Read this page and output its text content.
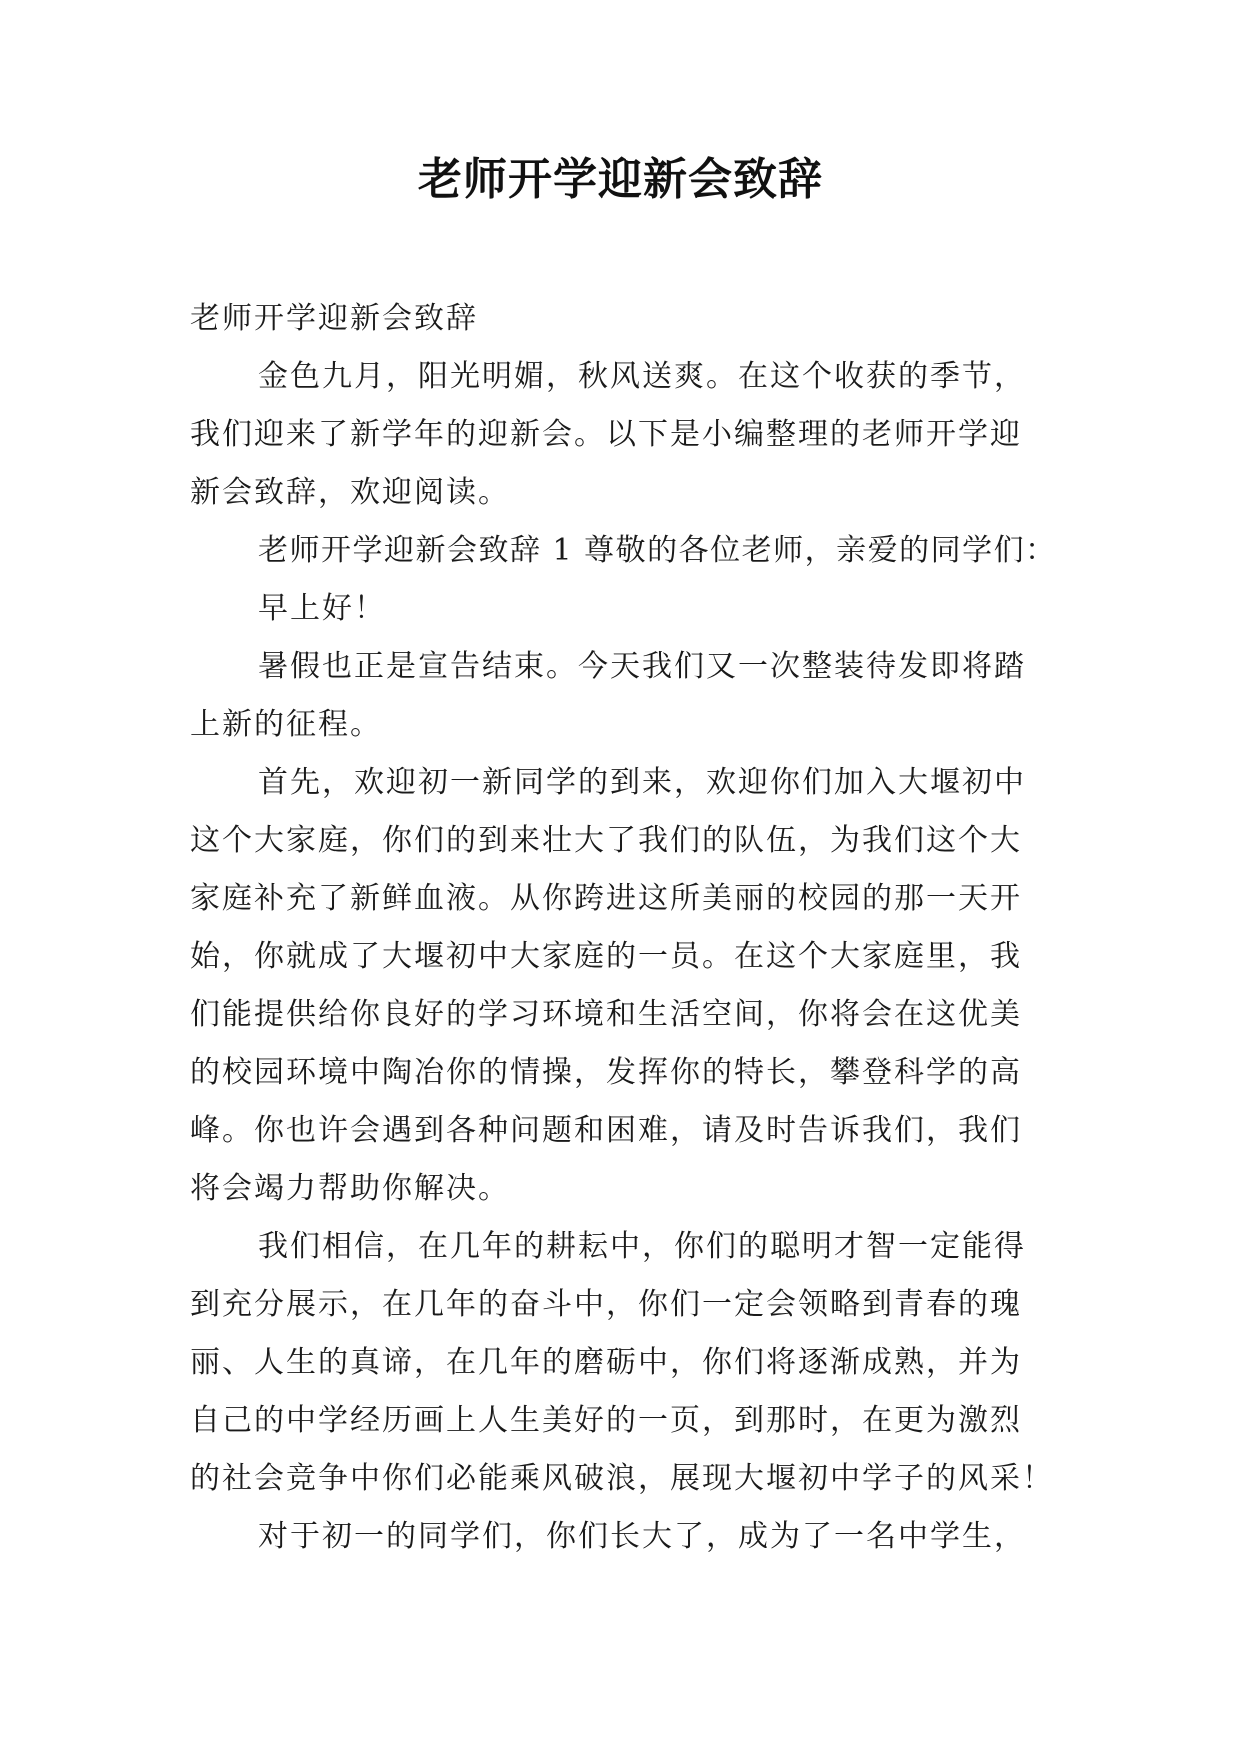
老师开学迎新会致辞
老师开学迎新会致辞
金色九月，阳光明媚，秋风送爽。在这个收获的季节，
我们迎来了新学年的迎新会。以下是小编整理的老师开学迎
新会致辞，欢迎阅读。
老师开学迎新会致辞 1 尊敬的各位老师，亲爱的同学们：
早上好！
暑假也正是宣告结束。今天我们又一次整装待发即将踏
上新的征程。
首先，欢迎初一新同学的到来，欢迎你们加入大堰初中
这个大家庭，你们的到来壮大了我们的队伍，为我们这个大
家庭补充了新鲜血液。从你跨进这所美丽的校园的那一天开
始，你就成了大堰初中大家庭的一员。在这个大家庭里，我
们能提供给你良好的学习环境和生活空间，你将会在这优美
的校园环境中陶冶你的情操，发挥你的特长，攀登科学的高
峰。你也许会遇到各种问题和困难，请及时告诉我们，我们
将会竭力帮助你解决。
我们相信，在几年的耕耘中，你们的聪明才智一定能得
到充分展示，在几年的奋斗中，你们一定会领略到青春的瑰
丽、人生的真谛，在几年的磨砺中，你们将逐渐成熟，并为
自己的中学经历画上人生美好的一页，到那时，在更为激烈
的社会竞争中你们必能乘风破浪，展现大堰初中学子的风采！
对于初一的同学们，你们长大了，成为了一名中学生，
